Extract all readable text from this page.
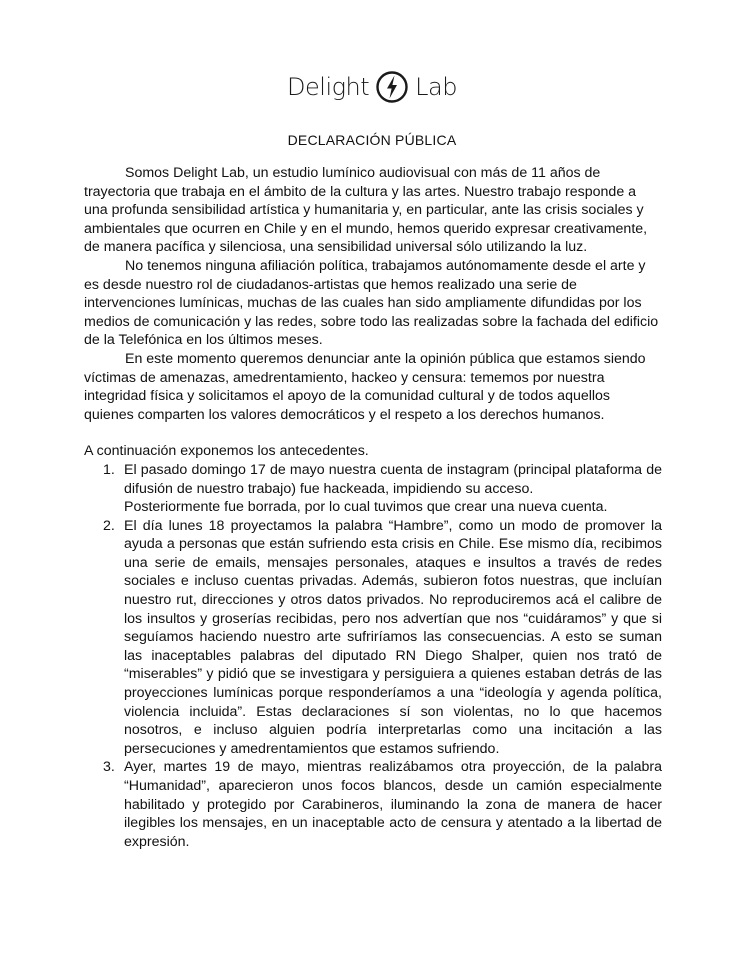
Delight Lab
DECLARACIÓN PÚBLICA

Somos Delight Lab, un estudio lumínico audiovisual con más de 11 años de trayectoria que trabaja en el ámbito de la cultura y las artes. Nuestro trabajo responde a una profunda sensibilidad artística y humanitaria y, en particular, ante las crisis sociales y ambientales que ocurren en Chile y en el mundo, hemos querido expresar creativamente, de manera pacífica y silenciosa, una sensibilidad universal sólo utilizando la luz.

No tenemos ninguna afiliación política, trabajamos autónomamente desde el arte y es desde nuestro rol de ciudadanos-artistas que hemos realizado una serie de intervenciones lumínicas, muchas de las cuales han sido ampliamente difundidas por los medios de comunicación y las redes, sobre todo las realizadas sobre la fachada del edificio de la Telefónica en los últimos meses.

En este momento queremos denunciar ante la opinión pública que estamos siendo víctimas de amenazas, amedrentamiento, hackeo y censura: tememos por nuestra integridad física y solicitamos el apoyo de la comunidad cultural y de todos aquellos quienes comparten los valores democráticos y el respeto a los derechos humanos.

A continuación exponemos los antecedentes.

1. El pasado domingo 17 de mayo nuestra cuenta de instagram (principal plataforma de difusión de nuestro trabajo) fue hackeada, impidiendo su acceso.
Posteriormente fue borrada, por lo cual tuvimos que crear una nueva cuenta.
2. El día lunes 18 proyectamos la palabra “Hambre”, como un modo de promover la ayuda a personas que están sufriendo esta crisis en Chile. Ese mismo día, recibimos una serie de emails, mensajes personales, ataques e insultos a través de redes sociales e incluso cuentas privadas. Además, subieron fotos nuestras, que incluían nuestro rut, direcciones y otros datos privados. No reproduciremos acá el calibre de los insultos y groserías recibidas, pero nos advertían que nos “cuidáramos” y que si seguíamos haciendo nuestro arte sufriríamos las consecuencias. A esto se suman las inaceptables palabras del diputado RN Diego Shalper, quien nos trató de “miserables” y pidió que se investigara y persiguiera a quienes estaban detrás de las proyecciones lumínicas porque responderíamos a una “ideología y agenda política, violencia incluida”. Estas declaraciones sí son violentas, no lo que hacemos nosotros, e incluso alguien podría interpretarlas como una incitación a las persecuciones y amedrentamientos que estamos sufriendo.
3. Ayer, martes 19 de mayo, mientras realizábamos otra proyección, de la palabra “Humanidad”, aparecieron unos focos blancos, desde un camión especialmente habilitado y protegido por Carabineros, iluminando la zona de manera de hacer ilegibles los mensajes, en un inaceptable acto de censura y atentado a la libertad de expresión.
